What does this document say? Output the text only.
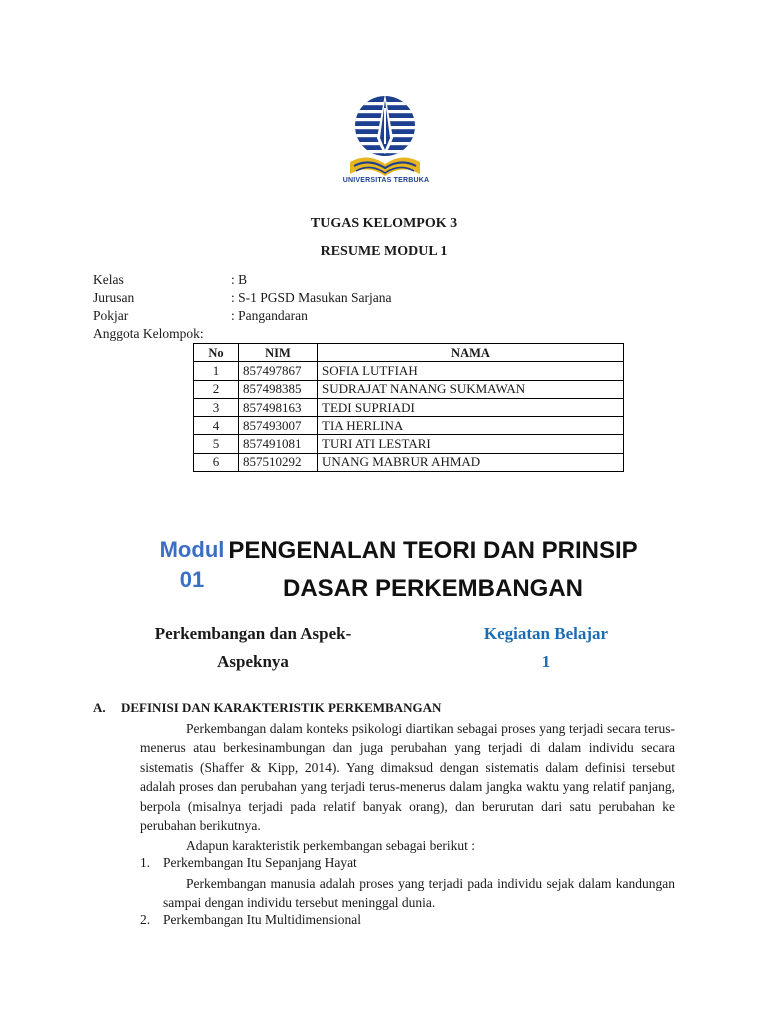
UNIVERSITAS TERBUKA
TUGAS KELOMPOK 3
RESUME MODUL 1
Kelas	: B
Jurusan	: S-1 PGSD Masukan Sarjana
Pokjar	: Pangandaran
Anggota Kelompok:
No	NIM	NAMA
1	857497867	SOFIA LUTFIAH
2	857498385	SUDRAJAT NANANG SUKMAWAN
3	857498163	TEDI SUPRIADI
4	857493007	TIA HERLINA
5	857491081	TURI ATI LESTARI
6	857510292	UNANG MABRUR AHMAD
Modul
01
PENGENALAN TEORI DAN PRINSIP
DASAR PERKEMBANGAN
Perkembangan dan Aspek-
Aspeknya
Kegiatan Belajar
1
A. DEFINISI DAN KARAKTERISTIK PERKEMBANGAN
Perkembangan dalam konteks psikologi diartikan sebagai proses yang terjadi secara terus-menerus atau berkesinambungan dan juga perubahan yang terjadi di dalam individu secara sistematis (Shaffer & Kipp, 2014). Yang dimaksud dengan sistematis dalam definisi tersebut adalah proses dan perubahan yang terjadi terus-menerus dalam jangka waktu yang relatif panjang, berpola (misalnya terjadi pada relatif banyak orang), dan berurutan dari satu perubahan ke perubahan berikutnya.
Adapun karakteristik perkembangan sebagai berikut :
1. Perkembangan Itu Sepanjang Hayat
Perkembangan manusia adalah proses yang terjadi pada individu sejak dalam kandungan sampai dengan individu tersebut meninggal dunia.
2. Perkembangan Itu Multidimensional
